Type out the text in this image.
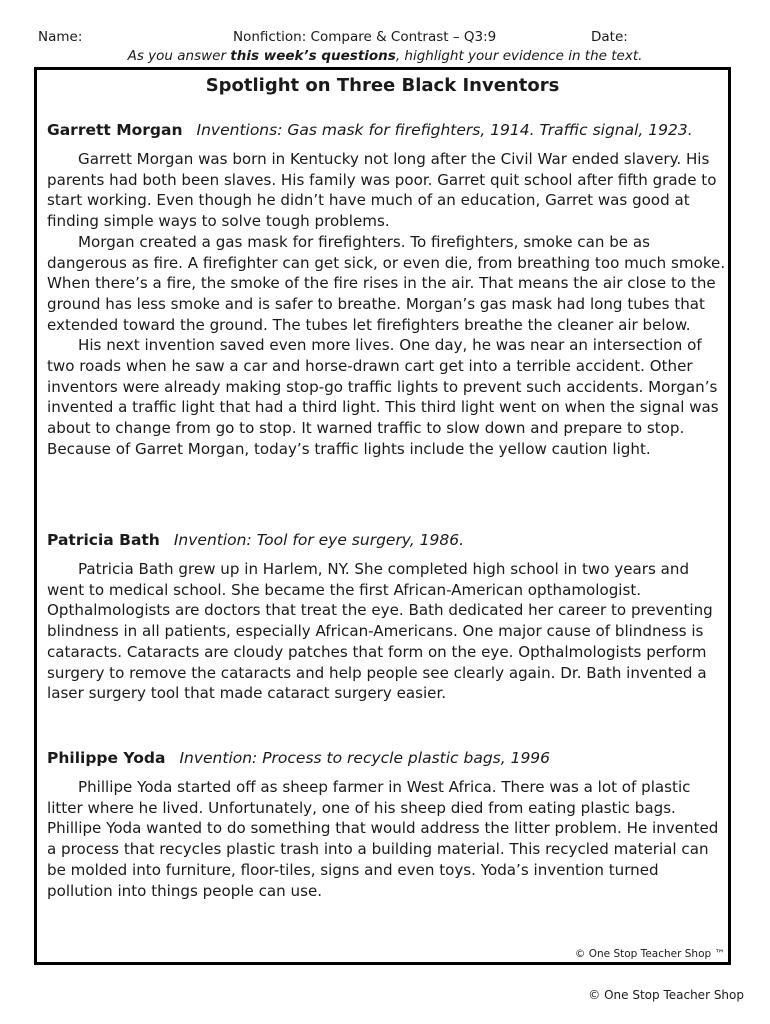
Name:	Nonfiction: Compare & Contrast – Q3:9	Date:
As you answer this week’s questions, highlight your evidence in the text.
Spotlight on Three Black Inventors
Garrett Morgan Inventions: Gas mask for firefighters, 1914. Traffic signal, 1923.

Garrett Morgan was born in Kentucky not long after the Civil War ended slavery. His parents had both been slaves. His family was poor. Garret quit school after fifth grade to start working. Even though he didn’t have much of an education, Garret was good at finding simple ways to solve tough problems.

Morgan created a gas mask for firefighters. To firefighters, smoke can be as dangerous as fire. A firefighter can get sick, or even die, from breathing too much smoke. When there’s a fire, the smoke of the fire rises in the air. That means the air close to the ground has less smoke and is safer to breathe. Morgan’s gas mask had long tubes that extended toward the ground. The tubes let firefighters breathe the cleaner air below.

His next invention saved even more lives. One day, he was near an intersection of two roads when he saw a car and horse-drawn cart get into a terrible accident. Other inventors were already making stop-go traffic lights to prevent such accidents. Morgan’s invented a traffic light that had a third light. This third light went on when the signal was about to change from go to stop. It warned traffic to slow down and prepare to stop. Because of Garret Morgan, today’s traffic lights include the yellow caution light.

Patricia Bath Invention: Tool for eye surgery, 1986.

Patricia Bath grew up in Harlem, NY. She completed high school in two years and went to medical school. She became the first African-American opthamologist. Opthalmologists are doctors that treat the eye. Bath dedicated her career to preventing blindness in all patients, especially African-Americans. One major cause of blindness is cataracts. Cataracts are cloudy patches that form on the eye. Opthalmologists perform surgery to remove the cataracts and help people see clearly again. Dr. Bath invented a laser surgery tool that made cataract surgery easier.

Philippe Yoda Invention: Process to recycle plastic bags, 1996

Phillipe Yoda started off as sheep farmer in West Africa. There was a lot of plastic litter where he lived. Unfortunately, one of his sheep died from eating plastic bags. Phillipe Yoda wanted to do something that would address the litter problem. He invented a process that recycles plastic trash into a building material. This recycled material can be molded into furniture, floor-tiles, signs and even toys. Yoda’s invention turned pollution into things people can use.

© One Stop Teacher Shop ™
© One Stop Teacher Shop
